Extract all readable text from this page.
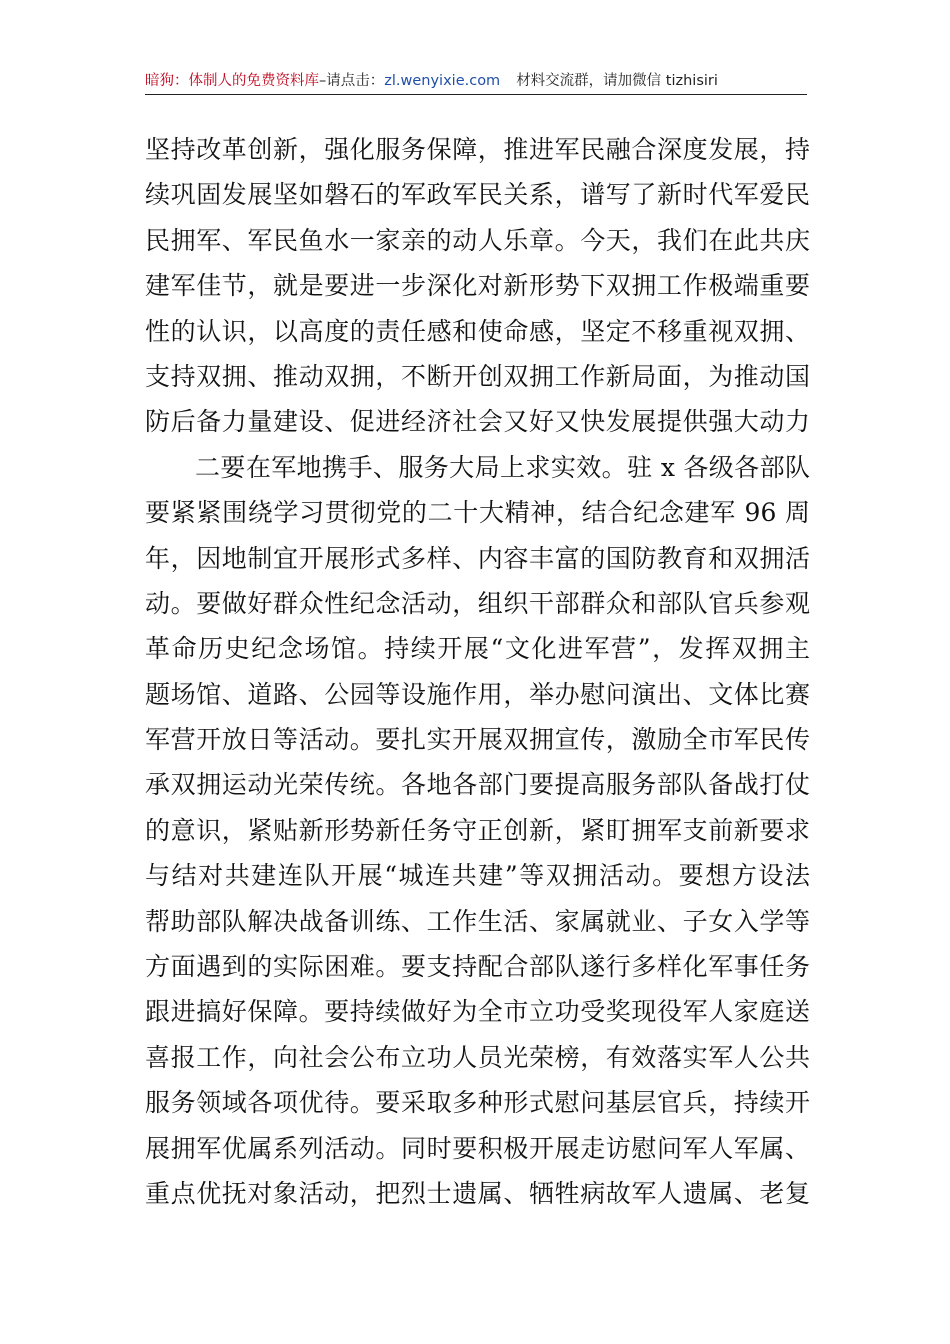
暗狗：体制人的免费资料库–请点击：zl.wenyixie.com 材料交流群，请加微信 tizhisiri
坚持改革创新，强化服务保障，推进军民融合深度发展，持
续巩固发展坚如磐石的军政军民关系，谱写了新时代军爱民
民拥军、军民鱼水一家亲的动人乐章。今天，我们在此共庆
建军佳节，就是要进一步深化对新形势下双拥工作极端重要
性的认识，以高度的责任感和使命感，坚定不移重视双拥、
支持双拥、推动双拥，不断开创双拥工作新局面，为推动国
防后备力量建设、促进经济社会又好又快发展提供强大动力
二要在军地携手、服务大局上求实效。驻 x 各级各部队
要紧紧围绕学习贯彻党的二十大精神，结合纪念建军 96 周
年，因地制宜开展形式多样、内容丰富的国防教育和双拥活
动。要做好群众性纪念活动，组织干部群众和部队官兵参观
革命历史纪念场馆。持续开展“文化进军营”，发挥双拥主
题场馆、道路、公园等设施作用，举办慰问演出、文体比赛
军营开放日等活动。要扎实开展双拥宣传，激励全市军民传
承双拥运动光荣传统。各地各部门要提高服务部队备战打仗
的意识，紧贴新形势新任务守正创新，紧盯拥军支前新要求
与结对共建连队开展“城连共建”等双拥活动。要想方设法
帮助部队解决战备训练、工作生活、家属就业、子女入学等
方面遇到的实际困难。要支持配合部队遂行多样化军事任务
跟进搞好保障。要持续做好为全市立功受奖现役军人家庭送
喜报工作，向社会公布立功人员光荣榜，有效落实军人公共
服务领域各项优待。要采取多种形式慰问基层官兵，持续开
展拥军优属系列活动。同时要积极开展走访慰问军人军属、
重点优抚对象活动，把烈士遗属、牺牲病故军人遗属、老复
